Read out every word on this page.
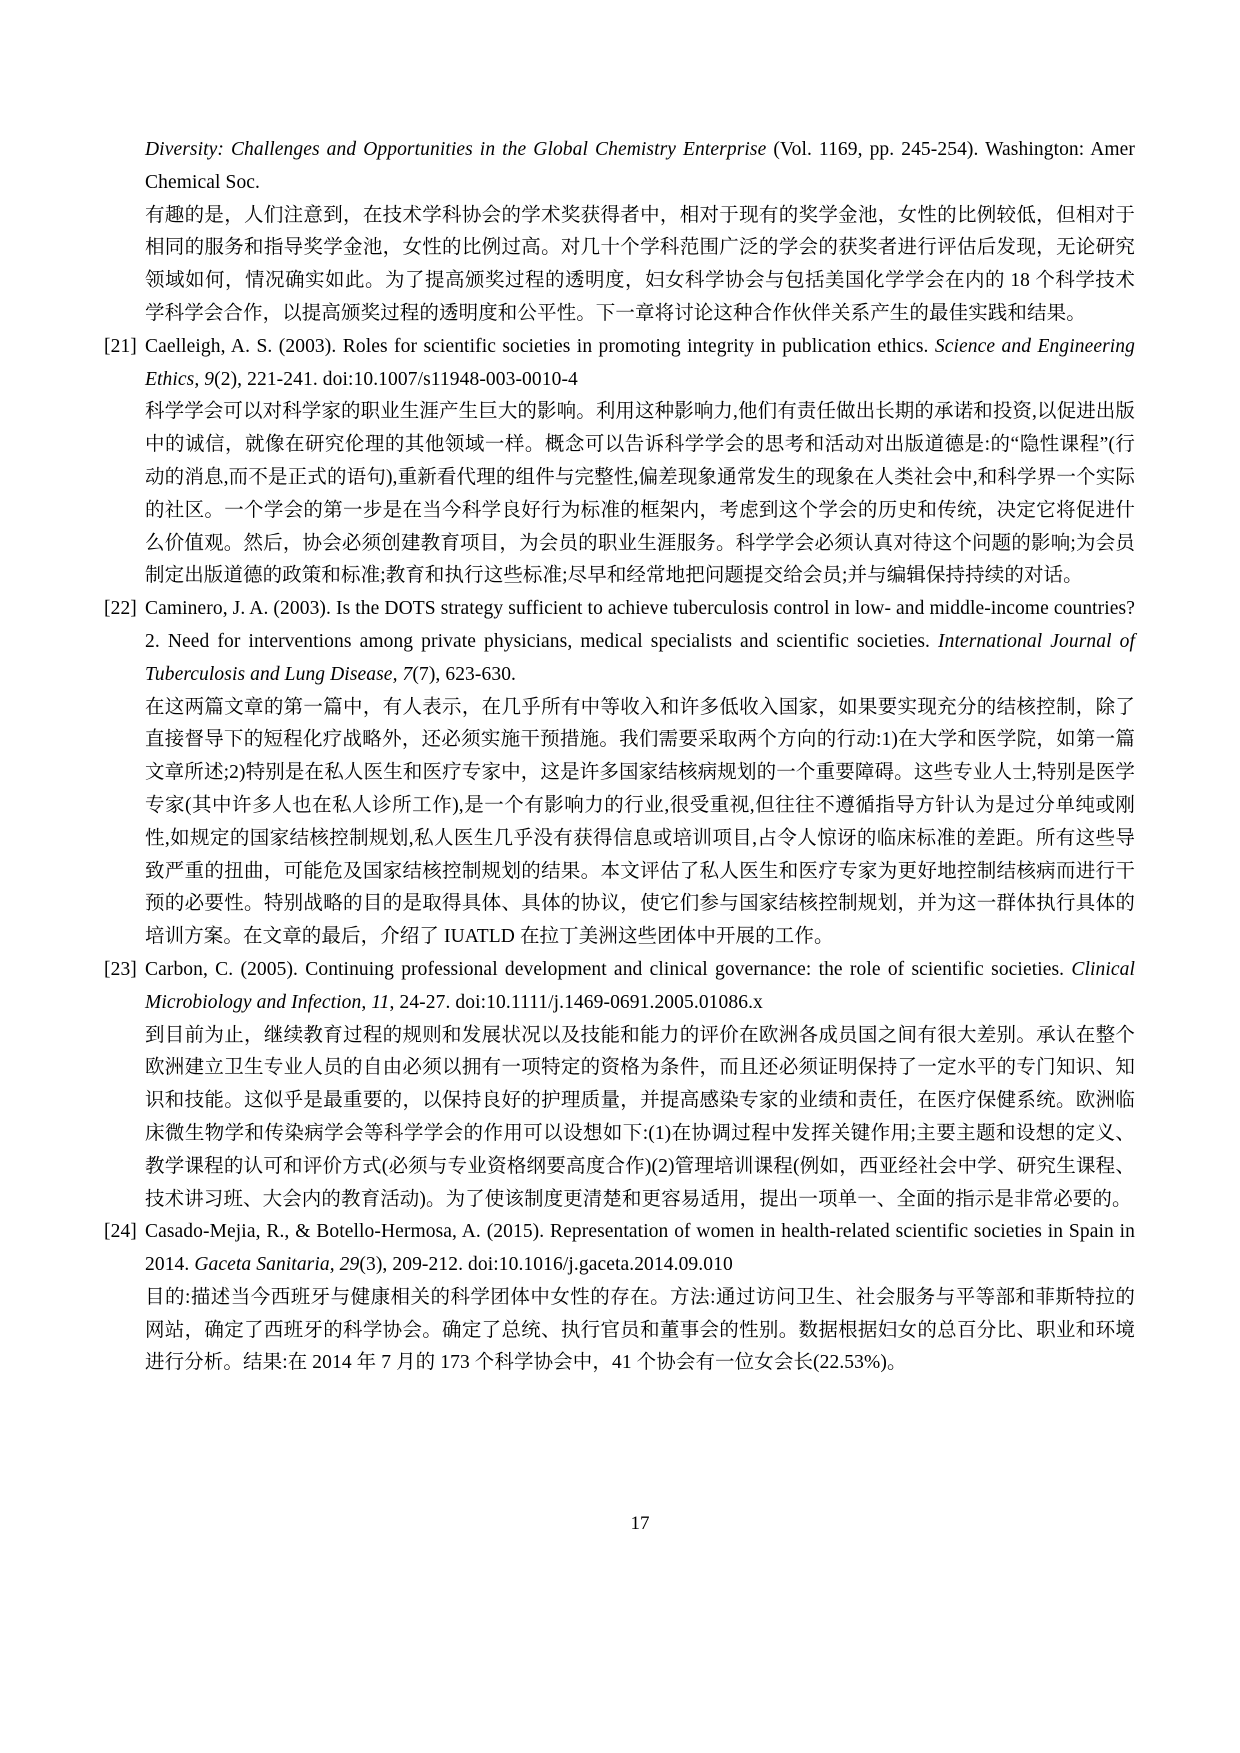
Diversity: Challenges and Opportunities in the Global Chemistry Enterprise (Vol. 1169, pp. 245-254). Washington: Amer Chemical Soc.

有趣的是，人们注意到，在技术学科协会的学术奖获得者中，相对于现有的奖学金池，女性的比例较低，但相对于相同的服务和指导奖学金池，女性的比例过高。对几十个学科范围广泛的学会的获奖者进行评估后发现，无论研究领域如何，情况确实如此。为了提高颁奖过程的透明度，妇女科学协会与包括美国化学学会在内的 18 个科学技术学科学会合作，以提高颁奖过程的透明度和公平性。下一章将讨论这种合作伙伴关系产生的最佳实践和结果。

[21] Caelleigh, A. S. (2003). Roles for scientific societies in promoting integrity in publication ethics. Science and Engineering Ethics, 9(2), 221-241. doi:10.1007/s11948-003-0010-4

科学学会可以对科学家的职业生涯产生巨大的影响。利用这种影响力,他们有责任做出长期的承诺和投资,以促进出版中的诚信，就像在研究伦理的其他领域一样。概念可以告诉科学学会的思考和活动对出版道德是:的“隐性课程”(行动的消息,而不是正式的语句),重新看代理的组件与完整性,偏差现象通常发生的现象在人类社会中,和科学界一个实际的社区。一个学会的第一步是在当今科学良好行为标准的框架内，考虑到这个学会的历史和传统，决定它将促进什么价值观。然后，协会必须创建教育项目，为会员的职业生涯服务。科学学会必须认真对待这个问题的影响;为会员制定出版道德的政策和标准;教育和执行这些标准;尽早和经常地把问题提交给会员;并与编辑保持持续的对话。

[22] Caminero, J. A. (2003). Is the DOTS strategy sufficient to achieve tuberculosis control in low- and middle-income countries? 2. Need for interventions among private physicians, medical specialists and scientific societies. International Journal of Tuberculosis and Lung Disease, 7(7), 623-630.

在这两篇文章的第一篇中，有人表示，在几乎所有中等收入和许多低收入国家，如果要实现充分的结核控制，除了直接督导下的短程化疗战略外，还必须实施干预措施。我们需要采取两个方向的行动:1)在大学和医学院，如第一篇文章所述;2)特别是在私人医生和医疗专家中，这是许多国家结核病规划的一个重要障碍。这些专业人士,特别是医学专家(其中许多人也在私人诊所工作),是一个有影响力的行业,很受重视,但往往不遵循指导方针认为是过分单纯或刚性,如规定的国家结核控制规划,私人医生几乎没有获得信息或培训项目,占令人惊讶的临床标准的差距。所有这些导致严重的扭曲，可能危及国家结核控制规划的结果。本文评估了私人医生和医疗专家为更好地控制结核病而进行干预的必要性。特别战略的目的是取得具体、具体的协议，使它们参与国家结核控制规划，并为这一群体执行具体的培训方案。在文章的最后，介绍了 IUATLD 在拉丁美洲这些团体中开展的工作。

[23] Carbon, C. (2005). Continuing professional development and clinical governance: the role of scientific societies. Clinical Microbiology and Infection, 11, 24-27. doi:10.1111/j.1469-0691.2005.01086.x

到目前为止，继续教育过程的规则和发展状况以及技能和能力的评价在欧洲各成员国之间有很大差别。承认在整个欧洲建立卫生专业人员的自由必须以拥有一项特定的资格为条件，而且还必须证明保持了一定水平的专门知识、知识和技能。这似乎是最重要的，以保持良好的护理质量，并提高感染专家的业绩和责任，在医疗保健系统。欧洲临床微生物学和传染病学会等科学学会的作用可以设想如下:(1)在协调过程中发挥关键作用;主要主题和设想的定义、教学课程的认可和评价方式(必须与专业资格纲要高度合作)(2)管理培训课程(例如，西亚经社会中学、研究生课程、技术讲习班、大会内的教育活动)。为了使该制度更清楚和更容易适用，提出一项单一、全面的指示是非常必要的。

[24] Casado-Mejia, R., & Botello-Hermosa, A. (2015). Representation of women in health-related scientific societies in Spain in 2014. Gaceta Sanitaria, 29(3), 209-212. doi:10.1016/j.gaceta.2014.09.010

目的:描述当今西班牙与健康相关的科学团体中女性的存在。方法:通过访问卫生、社会服务与平等部和菲斯特拉的网站，确定了西班牙的科学协会。确定了总统、执行官员和董事会的性别。数据根据妇女的总百分比、职业和环境进行分析。结果:在 2014 年 7 月的 173 个科学协会中，41 个协会有一位女会长(22.53%)。

17
